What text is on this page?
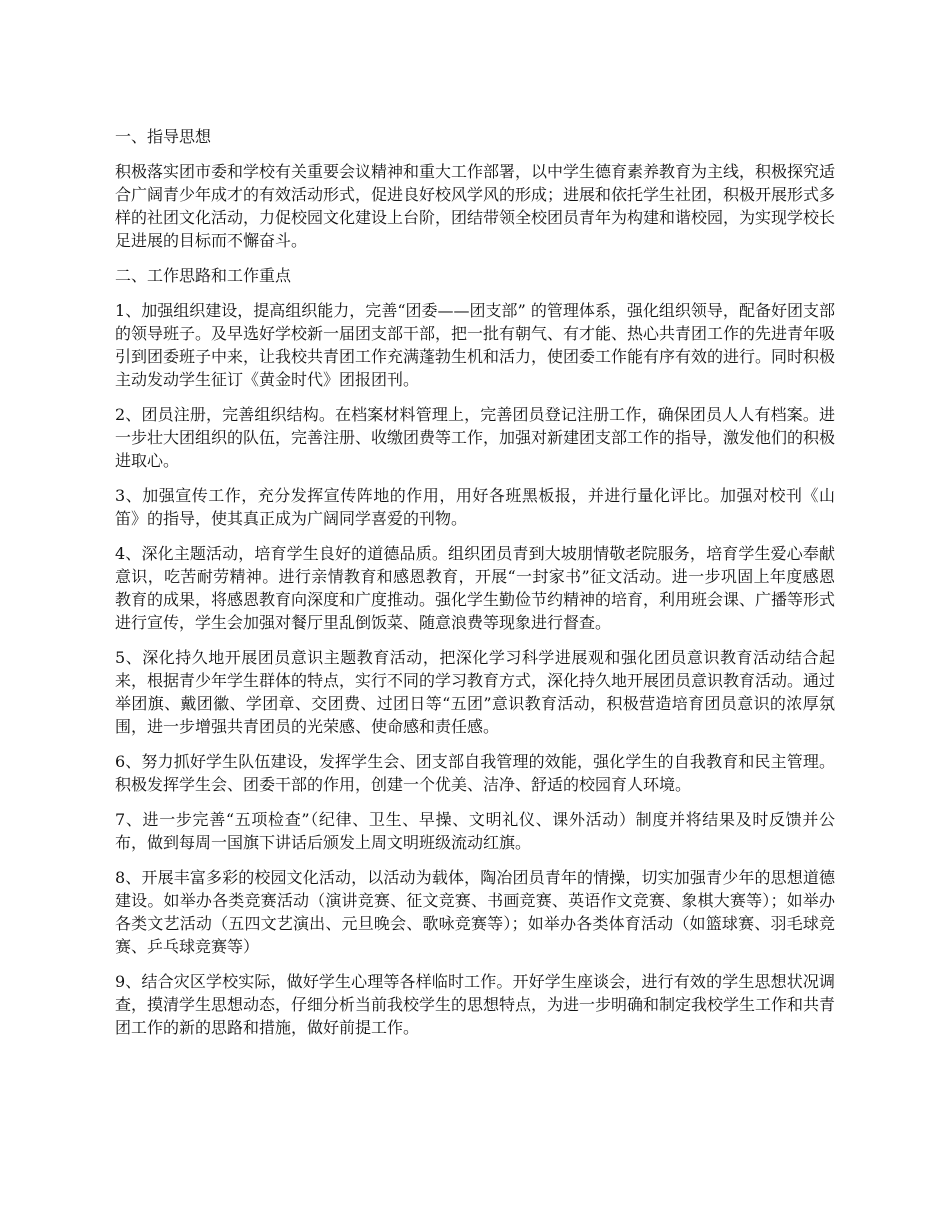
一、指导思想

积极落实团市委和学校有关重要会议精神和重大工作部署，以中学生德育素养教育为主线，积极探究适合广阔青少年成才的有效活动形式，促进良好校风学风的形成；进展和依托学生社团，积极开展形式多样的社团文化活动，力促校园文化建设上台阶，团结带领全校团员青年为构建和谐校园，为实现学校长足进展的目标而不懈奋斗。

二、工作思路和工作重点

1、加强组织建设，提高组织能力，完善“团委——团支部” 的管理体系，强化组织领导，配备好团支部的领导班子。及早选好学校新一届团支部干部，把一批有朝气、有才能、热心共青团工作的先进青年吸引到团委班子中来，让我校共青团工作充满蓬勃生机和活力，使团委工作能有序有效的进行。同时积极主动发动学生征订《黄金时代》团报团刊。

2、团员注册，完善组织结构。在档案材料管理上，完善团员登记注册工作，确保团员人人有档案。进一步壮大团组织的队伍，完善注册、收缴团费等工作，加强对新建团支部工作的指导，激发他们的积极进取心。

3、加强宣传工作，充分发挥宣传阵地的作用，用好各班黑板报，并进行量化评比。加强对校刊《山笛》的指导，使其真正成为广阔同学喜爱的刊物。

4、深化主题活动，培育学生良好的道德品质。组织团员青到大坡朋情敬老院服务，培育学生爱心奉献意识，吃苦耐劳精神。进行亲情教育和感恩教育，开展“一封家书”征文活动。进一步巩固上年度感恩教育的成果，将感恩教育向深度和广度推动。强化学生勤俭节约精神的培育，利用班会课、广播等形式进行宣传，学生会加强对餐厅里乱倒饭菜、随意浪费等现象进行督查。

5、深化持久地开展团员意识主题教育活动，把深化学习科学进展观和强化团员意识教育活动结合起来，根据青少年学生群体的特点，实行不同的学习教育方式，深化持久地开展团员意识教育活动。通过举团旗、戴团徽、学团章、交团费、过团日等“五团”意识教育活动，积极营造培育团员意识的浓厚氛围，进一步增强共青团员的光荣感、使命感和责任感。

6、努力抓好学生队伍建设，发挥学生会、团支部自我管理的效能，强化学生的自我教育和民主管理。积极发挥学生会、团委干部的作用，创建一个优美、洁净、舒适的校园育人环境。

7、进一步完善“五项检查”（纪律、卫生、早操、文明礼仪、课外活动）制度并将结果及时反馈并公布，做到每周一国旗下讲话后颁发上周文明班级流动红旗。

8、开展丰富多彩的校园文化活动，以活动为载体，陶冶团员青年的情操，切实加强青少年的思想道德建设。如举办各类竞赛活动（演讲竞赛、征文竞赛、书画竞赛、英语作文竞赛、象棋大赛等）；如举办各类文艺活动（五四文艺演出、元旦晚会、歌咏竞赛等）；如举办各类体育活动（如篮球赛、羽毛球竞赛、乒乓球竞赛等）

9、结合灾区学校实际，做好学生心理等各样临时工作。开好学生座谈会，进行有效的学生思想状况调查，摸清学生思想动态，仔细分析当前我校学生的思想特点，为进一步明确和制定我校学生工作和共青团工作的新的思路和措施，做好前提工作。
